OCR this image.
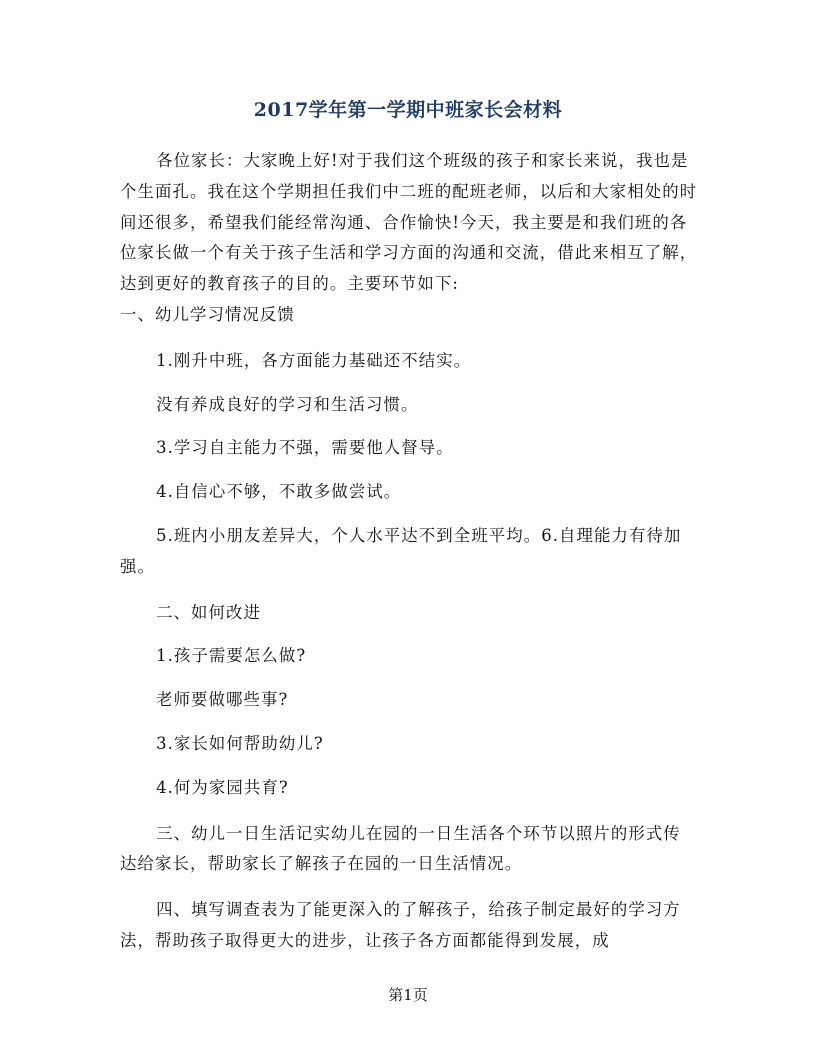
2017学年第一学期中班家长会材料

各位家长：大家晚上好!对于我们这个班级的孩子和家长来说，我也是个生面孔。我在这个学期担任我们中二班的配班老师，以后和大家相处的时间还很多，希望我们能经常沟通、合作愉快!今天，我主要是和我们班的各位家长做一个有关于孩子生活和学习方面的沟通和交流，借此来相互了解，达到更好的教育孩子的目的。主要环节如下:

一、幼儿学习情况反馈

1.刚升中班，各方面能力基础还不结实。

没有养成良好的学习和生活习惯。

3.学习自主能力不强，需要他人督导。

4.自信心不够，不敢多做尝试。

5.班内小朋友差异大，个人水平达不到全班平均。6.自理能力有待加强。

二、如何改进

1.孩子需要怎么做?

老师要做哪些事?

3.家长如何帮助幼儿?

4.何为家园共育?

三、幼儿一日生活记实幼儿在园的一日生活各个环节以照片的形式传达给家长，帮助家长了解孩子在园的一日生活情况。

四、填写调查表为了能更深入的了解孩子，给孩子制定最好的学习方法，帮助孩子取得更大的进步，让孩子各方面都能得到发展，成

第1页
